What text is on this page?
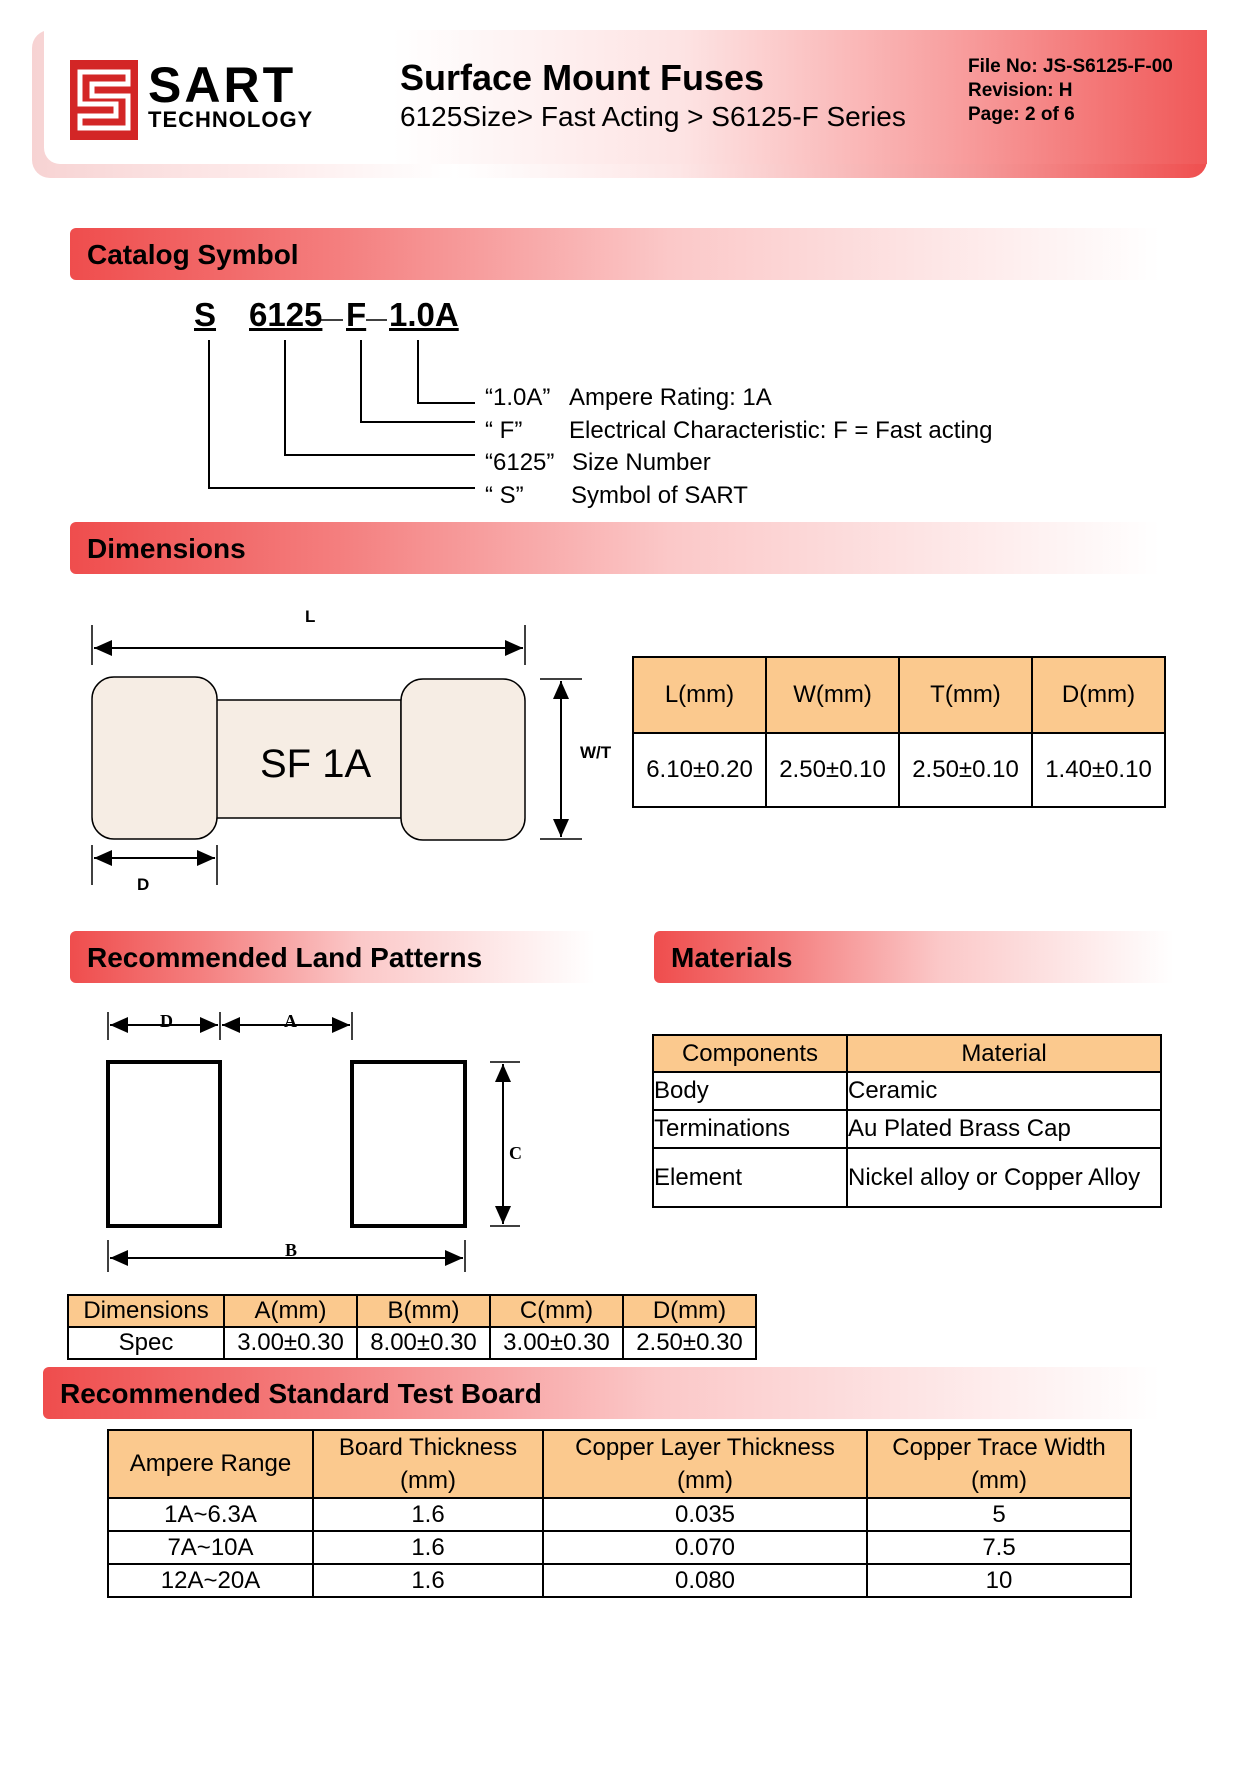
SART
TECHNOLOGY
Surface Mount Fuses
6125Size> Fast Acting > S6125-F Series
File No: JS-S6125-F-00
Revision: H
Page: 2 of 6
Catalog Symbol
S 6125 F 1.0A
“1.0A” Ampere Rating: 1A
“ F” Electrical Characteristic: F = Fast acting
“6125” Size Number
“ S” Symbol of SART
Dimensions
L
W/T
D
SF 1A
L(mm)	W(mm)	T(mm)	D(mm)
6.10±0.20	2.50±0.10	2.50±0.10	1.40±0.10
Recommended Land Patterns	Materials
D	A
C
B
Dimensions	A(mm)	B(mm)	C(mm)	D(mm)
Spec	3.00±0.30	8.00±0.30	3.00±0.30	2.50±0.30
Components	Material
Body	Ceramic
Terminations	Au Plated Brass Cap
Element	Nickel alloy or Copper Alloy
Recommended Standard Test Board
Ampere Range	Board Thickness (mm)	Copper Layer Thickness (mm)	Copper Trace Width (mm)
1A~6.3A	1.6	0.035	5
7A~10A	1.6	0.070	7.5
12A~20A	1.6	0.080	10
